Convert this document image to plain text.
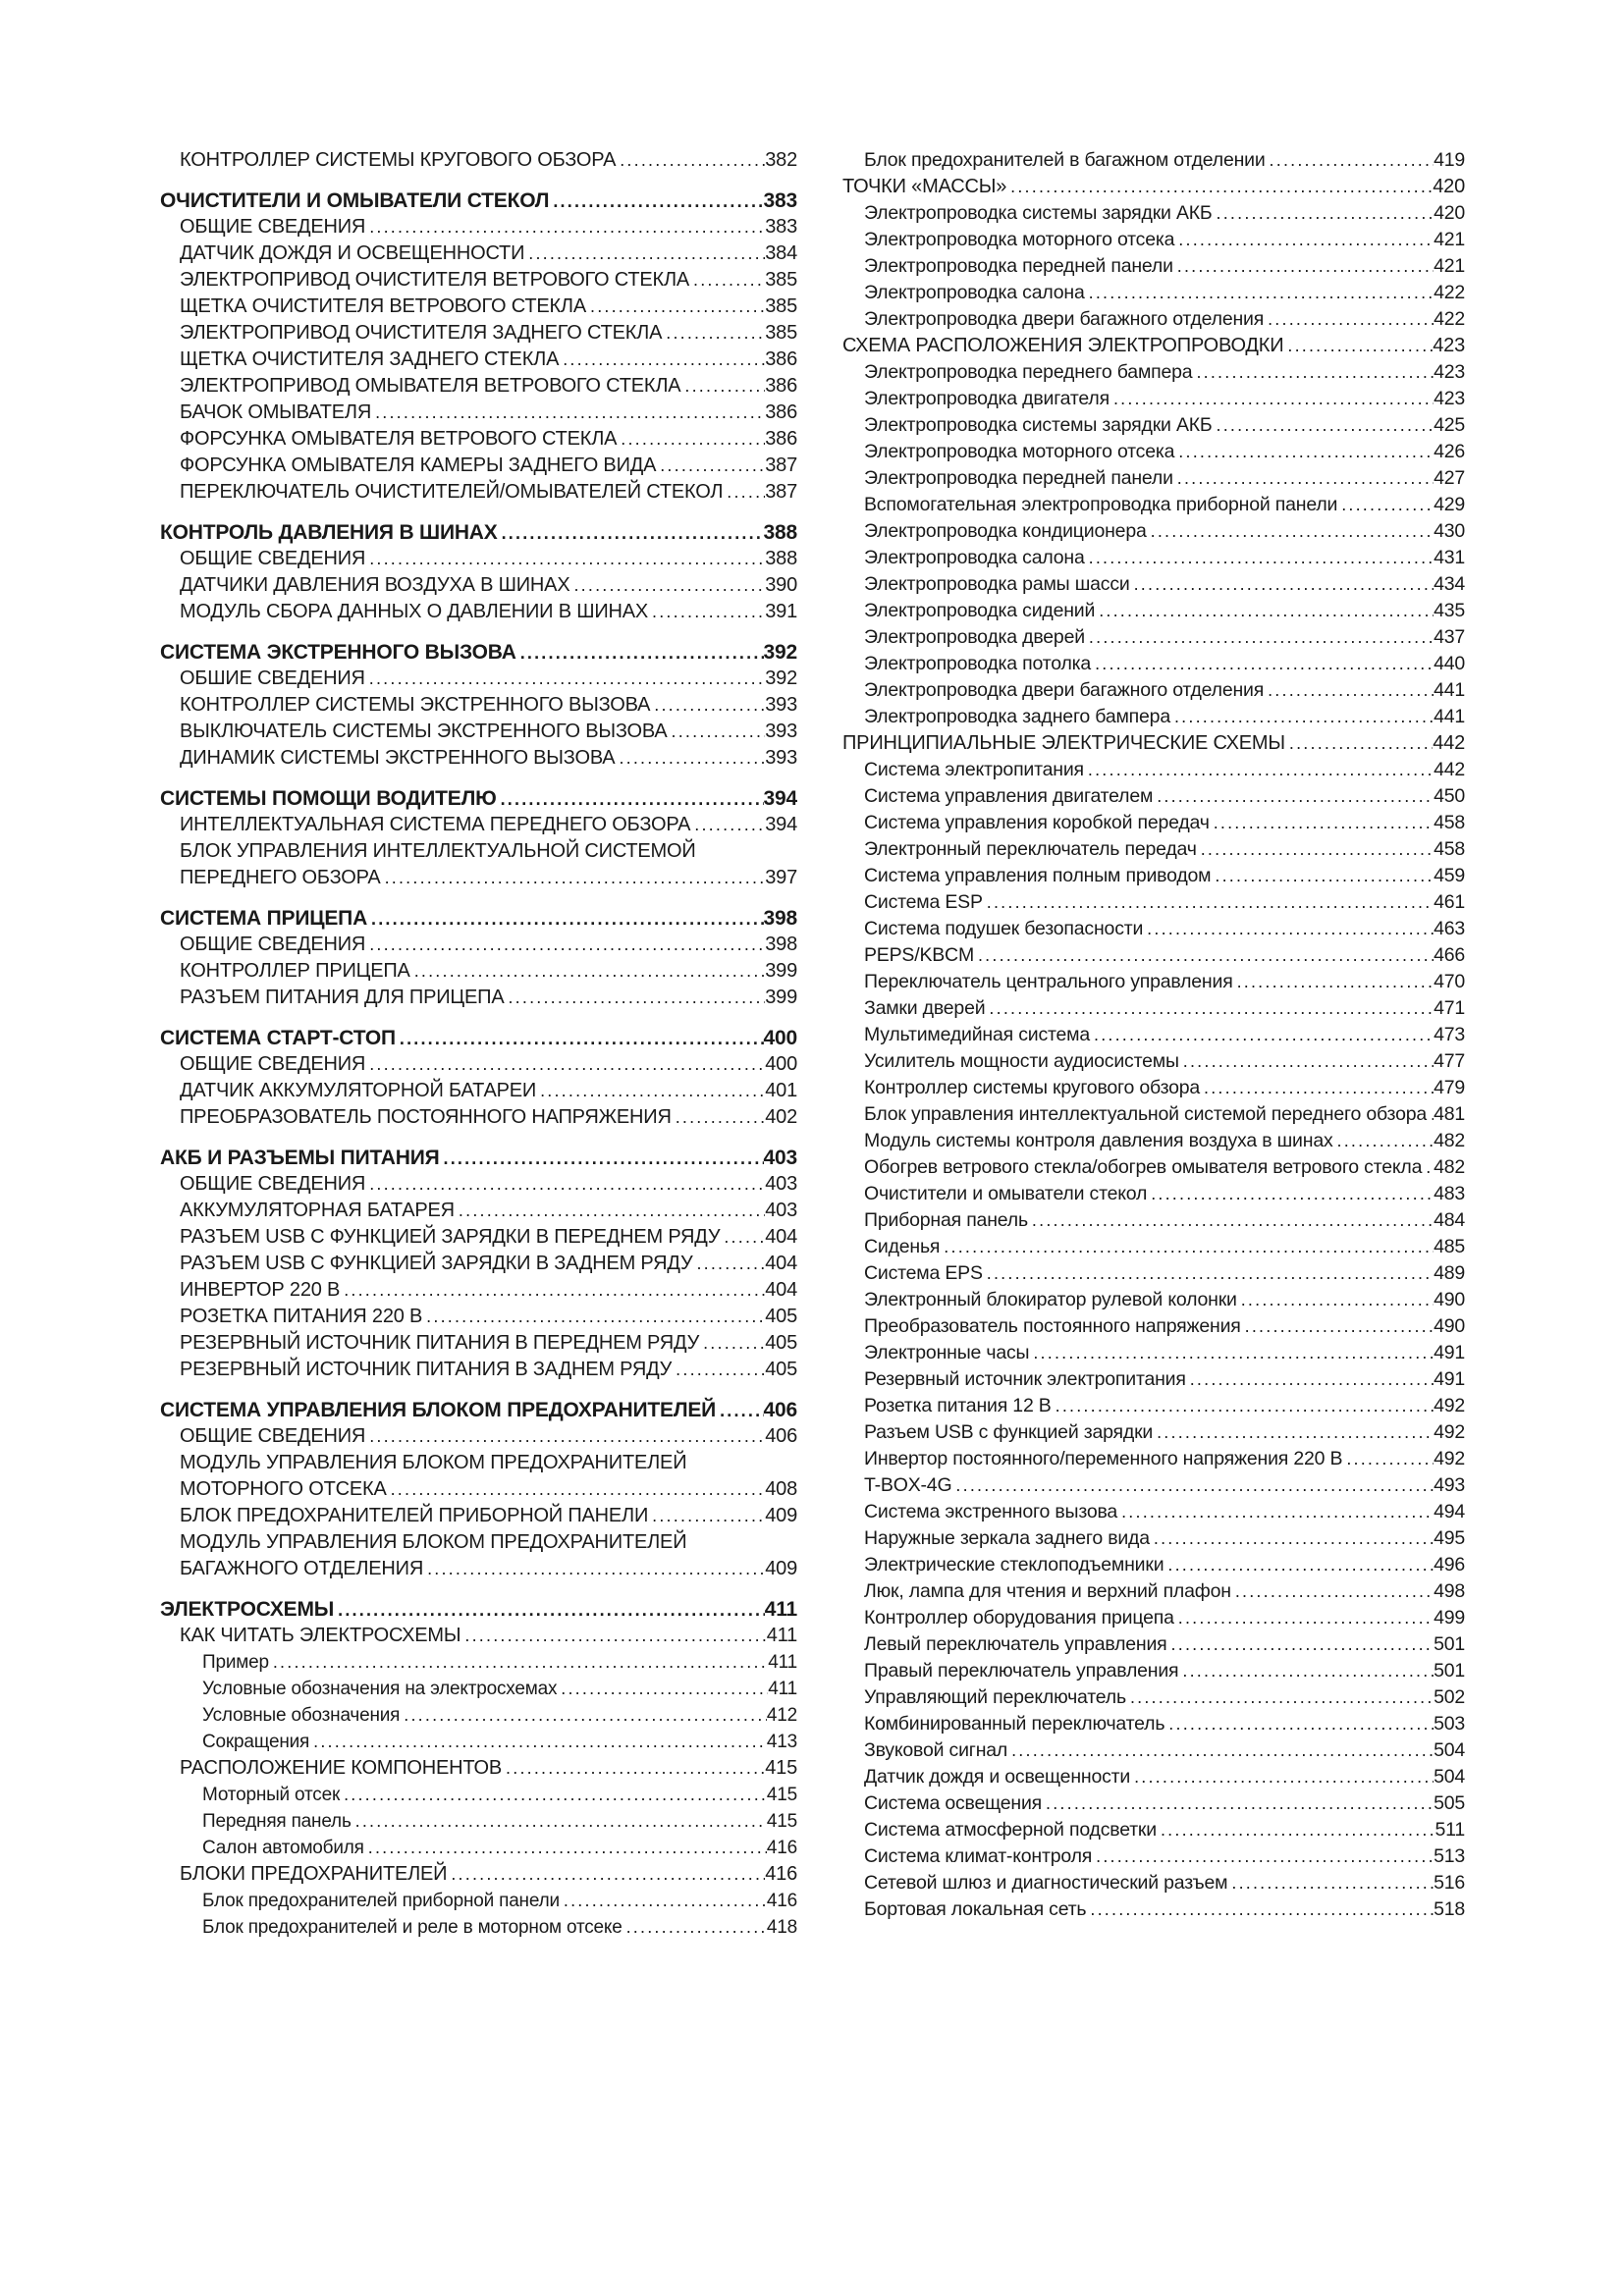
КОНТРОЛЛЕР СИСТЕМЫ КРУГОВОГО ОБЗОРА .....	382
ОЧИСТИТЕЛИ И ОМЫВАТЕЛИ СТЕКОЛ .....	383
ОБЩИЕ СВЕДЕНИЯ .....	383
ДАТЧИК ДОЖДЯ И ОСВЕЩЕННОСТИ .....	384
ЭЛЕКТРОПРИВОД ОЧИСТИТЕЛЯ ВЕТРОВОГО СТЕКЛА .....	385
ЩЕТКА ОЧИСТИТЕЛЯ ВЕТРОВОГО СТЕКЛА .....	385
ЭЛЕКТРОПРИВОД ОЧИСТИТЕЛЯ ЗАДНЕГО СТЕКЛА .....	385
ЩЕТКА ОЧИСТИТЕЛЯ ЗАДНЕГО СТЕКЛА .....	386
ЭЛЕКТРОПРИВОД ОМЫВАТЕЛЯ ВЕТРОВОГО СТЕКЛА .....	386
БАЧОК ОМЫВАТЕЛЯ .....	386
ФОРСУНКА ОМЫВАТЕЛЯ ВЕТРОВОГО СТЕКЛА .....	386
ФОРСУНКА ОМЫВАТЕЛЯ КАМЕРЫ ЗАДНЕГО ВИДА .....	387
ПЕРЕКЛЮЧАТЕЛЬ ОЧИСТИТЕЛЕЙ/ОМЫВАТЕЛЕЙ СТЕКОЛ ..... 387
КОНТРОЛЬ ДАВЛЕНИЯ В ШИНАХ .....	388
ОБЩИЕ СВЕДЕНИЯ .....	388
ДАТЧИКИ ДАВЛЕНИЯ ВОЗДУХА В ШИНАХ .....	390
МОДУЛЬ СБОРА ДАННЫХ О ДАВЛЕНИИ В ШИНАХ .....	391
СИСТЕМА ЭКСТРЕННОГО ВЫЗОВА .....	392
ОБШИЕ СВЕДЕНИЯ .....	392
КОНТРОЛЛЕР СИСТЕМЫ ЭКСТРЕННОГО ВЫЗОВА .....	393
ВЫКЛЮЧАТЕЛЬ СИСТЕМЫ ЭКСТРЕННОГО ВЫЗОВА .....	393
ДИНАМИК СИСТЕМЫ ЭКСТРЕННОГО ВЫЗОВА .....	393
СИСТЕМЫ ПОМОЩИ ВОДИТЕЛЮ .....	394
ИНТЕЛЛЕКТУАЛЬНАЯ СИСТЕМА ПЕРЕДНЕГО ОБЗОРА .....	394
БЛОК УПРАВЛЕНИЯ ИНТЕЛЛЕКТУАЛЬНОЙ СИСТЕМОЙ
ПЕРЕДНЕГО ОБЗОРА .....	397
СИСТЕМА ПРИЦЕПА .....	398
ОБЩИЕ СВЕДЕНИЯ .....	398
КОНТРОЛЛЕР ПРИЦЕПА .....	399
РАЗЪЕМ ПИТАНИЯ ДЛЯ ПРИЦЕПА .....	399
СИСТЕМА СТАРТ-СТОП .....	400
ОБЩИЕ СВЕДЕНИЯ .....	400
ДАТЧИК АККУМУЛЯТОРНОЙ БАТАРЕИ .....	401
ПРЕОБРАЗОВАТЕЛЬ ПОСТОЯННОГО НАПРЯЖЕНИЯ .....	402
АКБ И РАЗЪЕМЫ ПИТАНИЯ .....	403
ОБЩИЕ СВЕДЕНИЯ .....	403
АККУМУЛЯТОРНАЯ БАТАРЕЯ .....	403
РАЗЪЕМ USB С ФУНКЦИЕЙ ЗАРЯДКИ В ПЕРЕДНЕМ РЯДУ ..... 404
РАЗЪЕМ USB С ФУНКЦИЕЙ ЗАРЯДКИ В ЗАДНЕМ РЯДУ .....	404
ИНВЕРТОР 220 В .....	404
РОЗЕТКА ПИТАНИЯ 220 В .....	405
РЕЗЕРВНЫЙ ИСТОЧНИК ПИТАНИЯ В ПЕРЕДНЕМ РЯДУ .....	405
РЕЗЕРВНЫЙ ИСТОЧНИК ПИТАНИЯ В ЗАДНЕМ РЯДУ .....	405
СИСТЕМА УПРАВЛЕНИЯ БЛОКОМ ПРЕДОХРАНИТЕЛЕЙ ..... 406
ОБЩИЕ СВЕДЕНИЯ .....	406
МОДУЛЬ УПРАВЛЕНИЯ БЛОКОМ ПРЕДОХРАНИТЕЛЕЙ
МОТОРНОГО ОТСЕКА .....	408
БЛОК ПРЕДОХРАНИТЕЛЕЙ ПРИБОРНОЙ ПАНЕЛИ .....	409
МОДУЛЬ УПРАВЛЕНИЯ БЛОКОМ ПРЕДОХРАНИТЕЛЕЙ
БАГАЖНОГО ОТДЕЛЕНИЯ .....	409
ЭЛЕКТРОСХЕМЫ .....	411
КАК ЧИТАТЬ ЭЛЕКТРОСХЕМЫ .....	411
Пример .....	411
Условные обозначения на электросхемах .....	411
Условные обозначения .....	412
Сокращения .....	413
РАСПОЛОЖЕНИЕ КОМПОНЕНТОВ .....	415
Моторный отсек .....	415
Передняя панель .....	415
Салон автомобиля .....	416
БЛОКИ ПРЕДОХРАНИТЕЛЕЙ .....	416
Блок предохранителей приборной панели .....	416
Блок предохранителей и реле в моторном отсеке .....	418
Блок предохранителей в багажном отделении .....	419
ТОЧКИ «МАССЫ» .....	420
Электропроводка системы зарядки АКБ .....	420
Электропроводка моторного отсека .....	421
Электропроводка передней панели .....	421
Электропроводка салона .....	422
Электропроводка двери багажного отделения .....	422
СХЕМА РАСПОЛОЖЕНИЯ ЭЛЕКТРОПРОВОДКИ .....	423
Электропроводка переднего бампера .....	423
Электропроводка двигателя .....	423
Электропроводка системы зарядки АКБ .....	425
Электропроводка моторного отсека .....	426
Электропроводка передней панели .....	427
Вспомогательная электропроводка приборной панели .....	429
Электропроводка кондиционера .....	430
Электропроводка салона .....	431
Электропроводка рамы шасси .....	434
Электропроводка сидений .....	435
Электропроводка дверей .....	437
Электропроводка потолка .....	440
Электропроводка двери багажного отделения .....	441
Электропроводка заднего бампера .....	441
ПРИНЦИПИАЛЬНЫЕ ЭЛЕКТРИЧЕСКИЕ СХЕМЫ .....	442
Система электропитания .....	442
Система управления двигателем .....	450
Система управления коробкой передач .....	458
Электронный переключатель передач .....	458
Система управления полным приводом .....	459
Система ESP .....	461
Система подушек безопасности .....	463
PEPS/KBCM .....	466
Переключатель центрального управления .....	470
Замки дверей .....	471
Мультимедийная система .....	473
Усилитель мощности аудиосистемы .....	477
Контроллер системы кругового обзора .....	479
Блок управления интеллектуальной системой переднего обзора ..... 481
Модуль системы контроля давления воздуха в шинах .....	482
Обогрев ветрового стекла/обогрев омывателя ветрового стекла ..... 482
Очистители и омыватели стекол .....	483
Приборная панель .....	484
Сиденья .....	485
Система EPS .....	489
Электронный блокиратор рулевой колонки .....	490
Преобразователь постоянного напряжения .....	490
Электронные часы .....	491
Резервный источник электропитания .....	491
Розетка питания 12 В .....	492
Разъем USB с функцией зарядки .....	492
Инвертор постоянного/переменного напряжения 220 В .....	492
T-BOX-4G .....	493
Система экстренного вызова .....	494
Наружные зеркала заднего вида .....	495
Электрические стеклоподъемники .....	496
Люк, лампа для чтения и верхний плафон .....	498
Контроллер оборудования прицепа .....	499
Левый переключатель управления .....	501
Правый переключатель управления .....	501
Управляющий переключатель .....	502
Комбинированный переключатель .....	503
Звуковой сигнал .....	504
Датчик дождя и освещенности .....	504
Система освещения .....	505
Система атмосферной подсветки .....	511
Система климат-контроля .....	513
Сетевой шлюз и диагностический разъем .....	516
Бортовая локальная сеть .....	518
